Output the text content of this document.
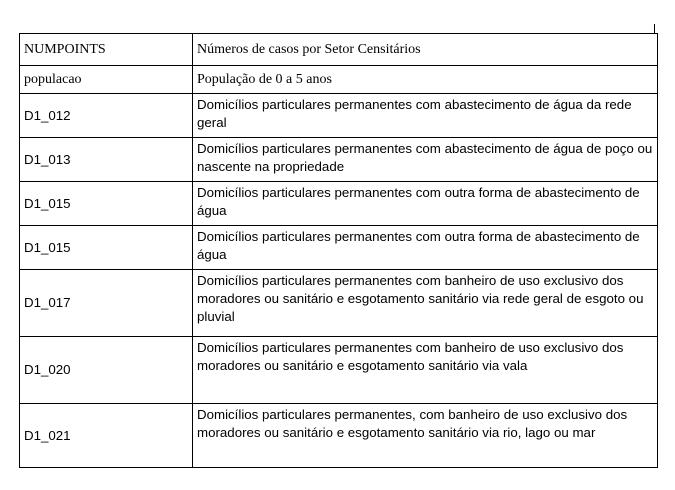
NUMPOINTS	Números de casos por Setor Censitários
populacao	População de 0 a 5 anos
D1_012	Domicílios particulares permanentes com abastecimento de água da rede geral
D1_013	Domicílios particulares permanentes com abastecimento de água de poço ou nascente na propriedade
D1_015	Domicílios particulares permanentes com outra forma de abastecimento de água
D1_015	Domicílios particulares permanentes com outra forma de abastecimento de água
D1_017	Domicílios particulares permanentes com banheiro de uso exclusivo dos moradores ou sanitário e esgotamento sanitário via rede geral de esgoto ou pluvial
D1_020	Domicílios particulares permanentes com banheiro de uso exclusivo dos moradores ou sanitário e esgotamento sanitário via vala
D1_021	Domicílios particulares permanentes, com banheiro de uso exclusivo dos moradores ou sanitário e esgotamento sanitário via rio, lago ou mar
